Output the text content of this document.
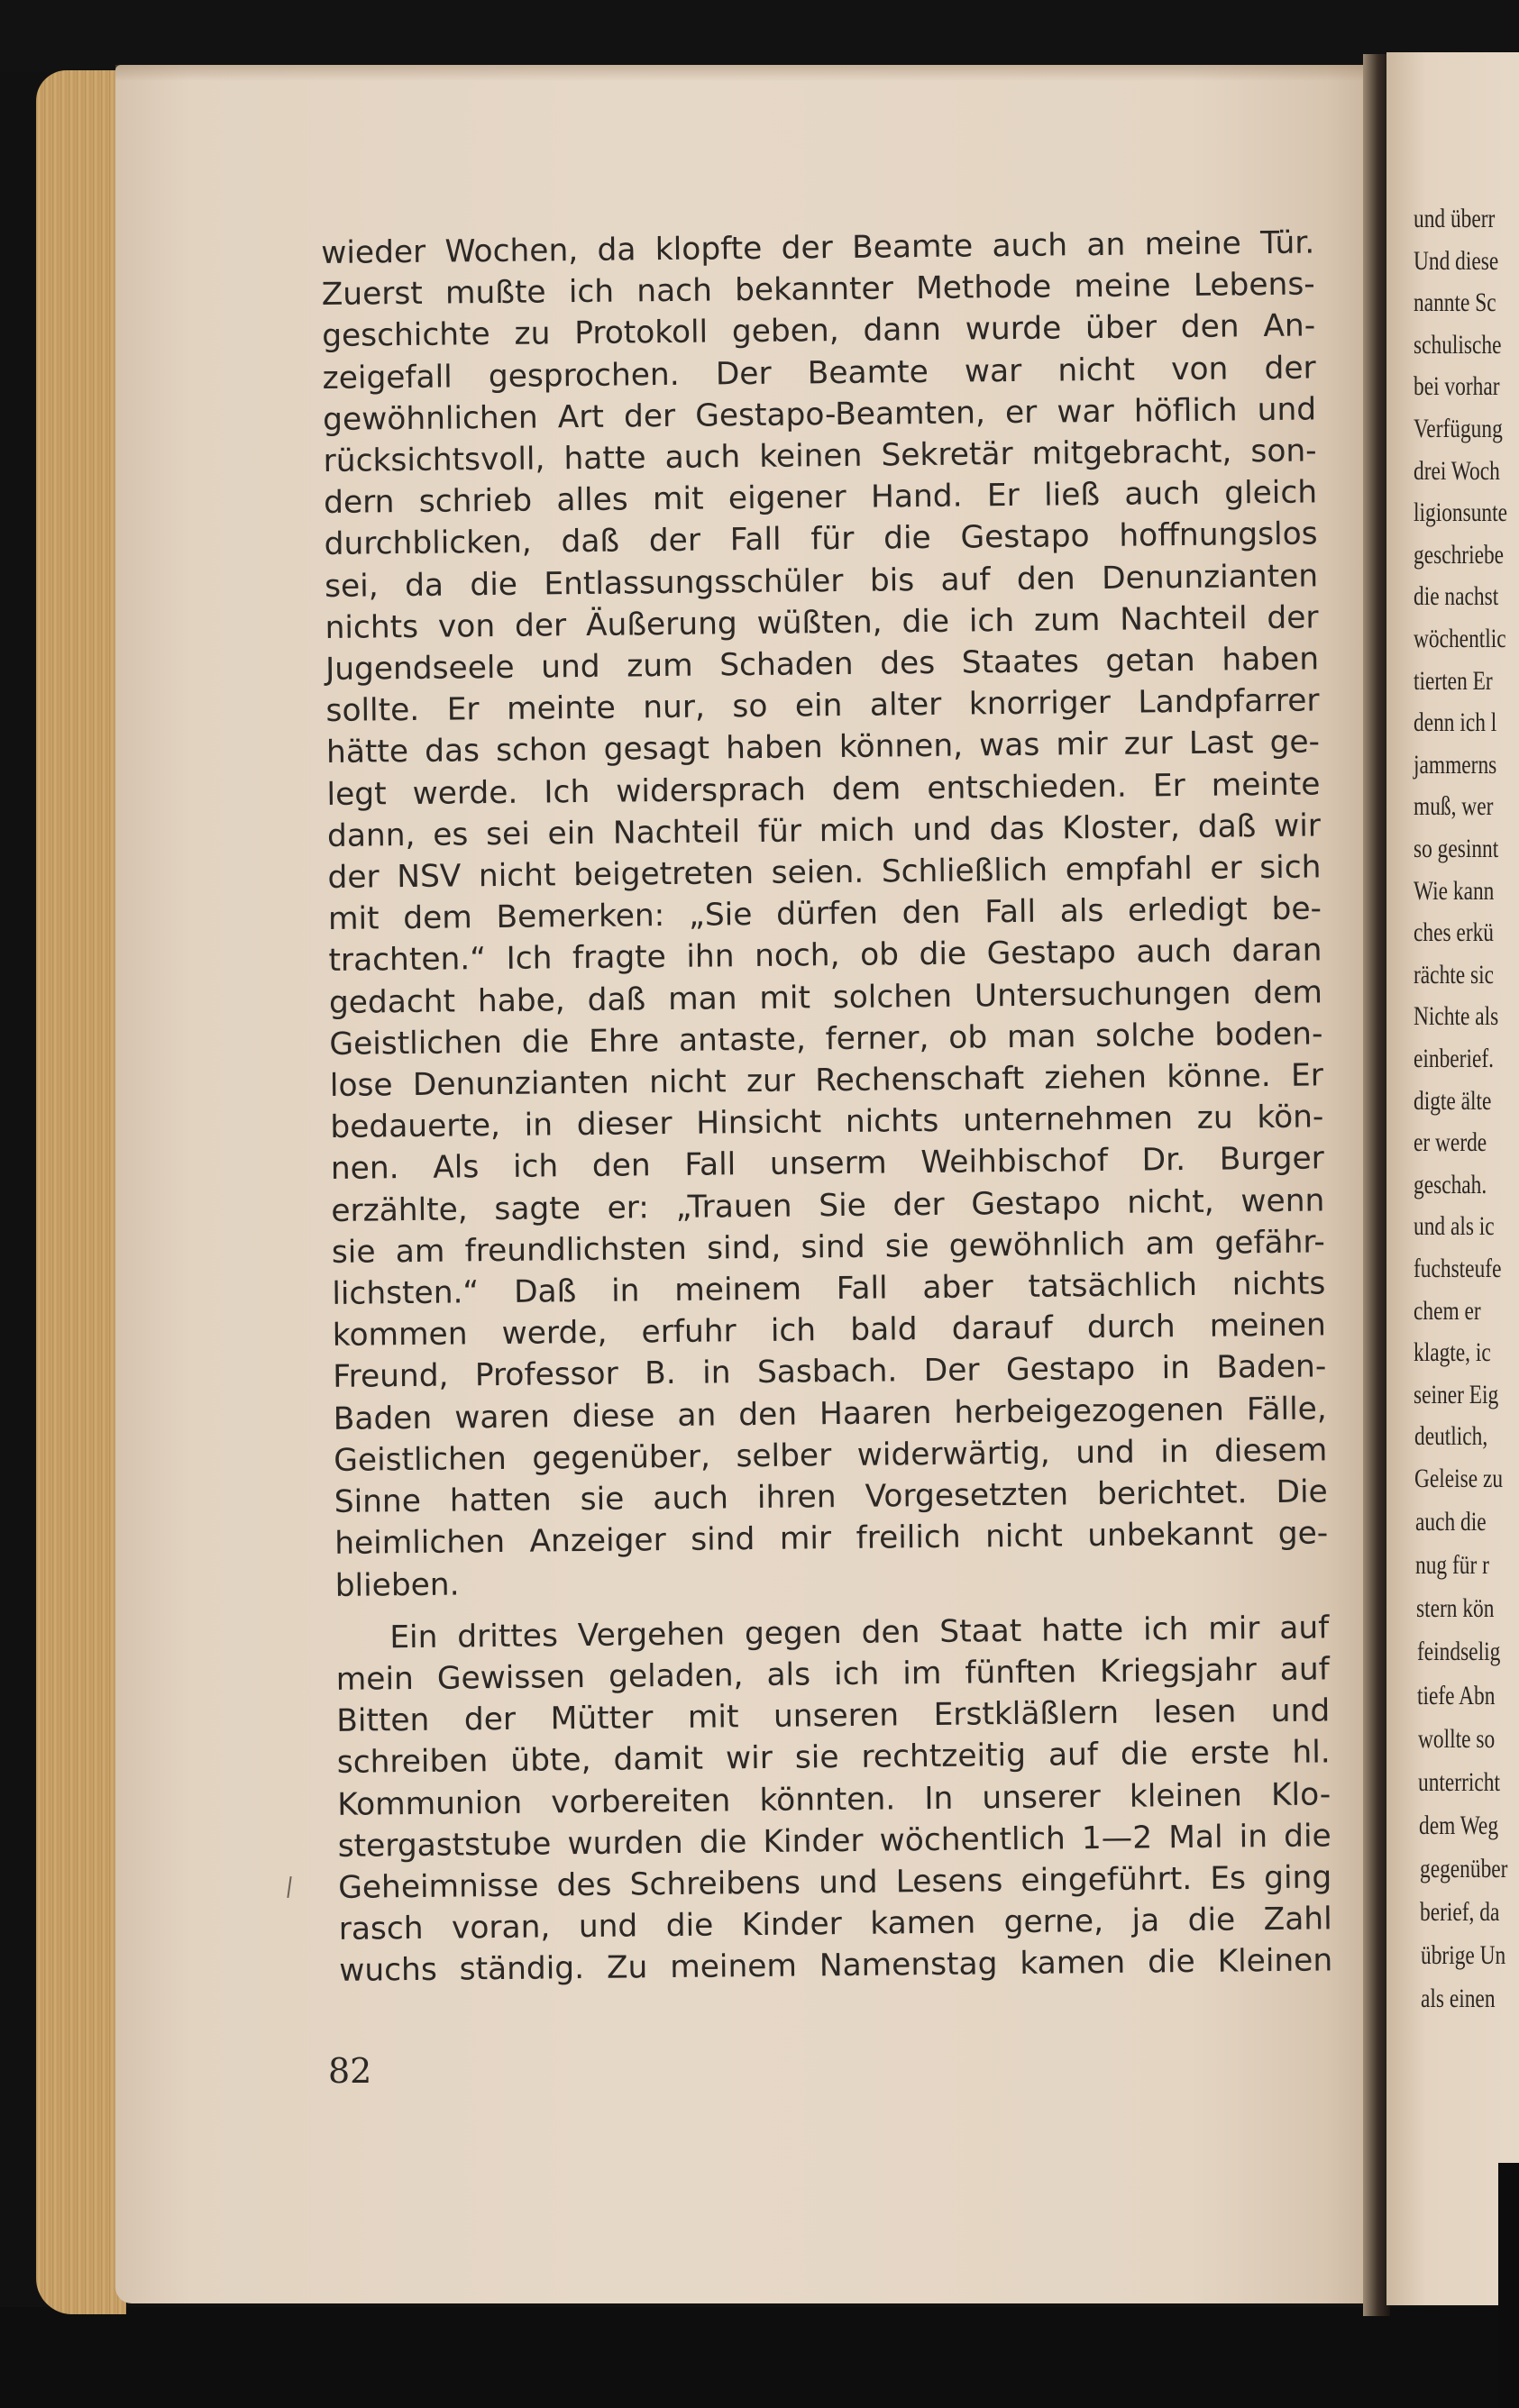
wieder Wochen, da klopfte der Beamte auch an meine Tür.
Zuerst mußte ich nach bekannter Methode meine Lebens-
geschichte zu Protokoll geben, dann wurde über den An-
zeigefall gesprochen. Der Beamte war nicht von der
gewöhnlichen Art der Gestapo-Beamten, er war höflich und
rücksichtsvoll, hatte auch keinen Sekretär mitgebracht, son-
dern schrieb alles mit eigener Hand. Er ließ auch gleich
durchblicken, daß der Fall für die Gestapo hoffnungslos
sei, da die Entlassungsschüler bis auf den Denunzianten
nichts von der Äußerung wüßten, die ich zum Nachteil der
Jugendseele und zum Schaden des Staates getan haben
sollte. Er meinte nur, so ein alter knorriger Landpfarrer
hätte das schon gesagt haben können, was mir zur Last ge-
legt werde. Ich widersprach dem entschieden. Er meinte
dann, es sei ein Nachteil für mich und das Kloster, daß wir
der NSV nicht beigetreten seien. Schließlich empfahl er sich
mit dem Bemerken: „Sie dürfen den Fall als erledigt be-
trachten.“ Ich fragte ihn noch, ob die Gestapo auch daran
gedacht habe, daß man mit solchen Untersuchungen dem
Geistlichen die Ehre antaste, ferner, ob man solche boden-
lose Denunzianten nicht zur Rechenschaft ziehen könne. Er
bedauerte, in dieser Hinsicht nichts unternehmen zu kön-
nen. Als ich den Fall unserm Weihbischof Dr. Burger
erzählte, sagte er: „Trauen Sie der Gestapo nicht, wenn
sie am freundlichsten sind, sind sie gewöhnlich am gefähr-
lichsten.“ Daß in meinem Fall aber tatsächlich nichts
kommen werde, erfuhr ich bald darauf durch meinen
Freund, Professor B. in Sasbach. Der Gestapo in Baden-
Baden waren diese an den Haaren herbeigezogenen Fälle,
Geistlichen gegenüber, selber widerwärtig, und in diesem
Sinne hatten sie auch ihren Vorgesetzten berichtet. Die
heimlichen Anzeiger sind mir freilich nicht unbekannt ge-
blieben.
Ein drittes Vergehen gegen den Staat hatte ich mir auf
mein Gewissen geladen, als ich im fünften Kriegsjahr auf
Bitten der Mütter mit unseren Erstkläßlern lesen und
schreiben übte, damit wir sie rechtzeitig auf die erste hl.
Kommunion vorbereiten könnten. In unserer kleinen Klo-
stergaststube wurden die Kinder wöchentlich 1—2 Mal in die
Geheimnisse des Schreibens und Lesens eingeführt. Es ging
rasch voran, und die Kinder kamen gerne, ja die Zahl
wuchs ständig. Zu meinem Namenstag kamen die Kleinen
82
und überr
Und diese
nannte Sc
schulische
bei vorhar
Verfügung
drei Woch
ligionsunte
geschriebe
die nachst
wöchentlic
tierten Er
denn ich l
jammerns
muß, wer
so gesinnt
Wie kann
ches erkü
rächte sic
Nichte als
einberief.
digte älte
er werde
geschah.
und als ic
fuchsteufe
chem er
klagte, ic
seiner Eig
deutlich,
Geleise zu
auch die
nug für r
stern kön
feindselig
tiefe Abn
wollte so
unterricht
dem Weg
gegenüber
berief, da
übrige Un
als einen
